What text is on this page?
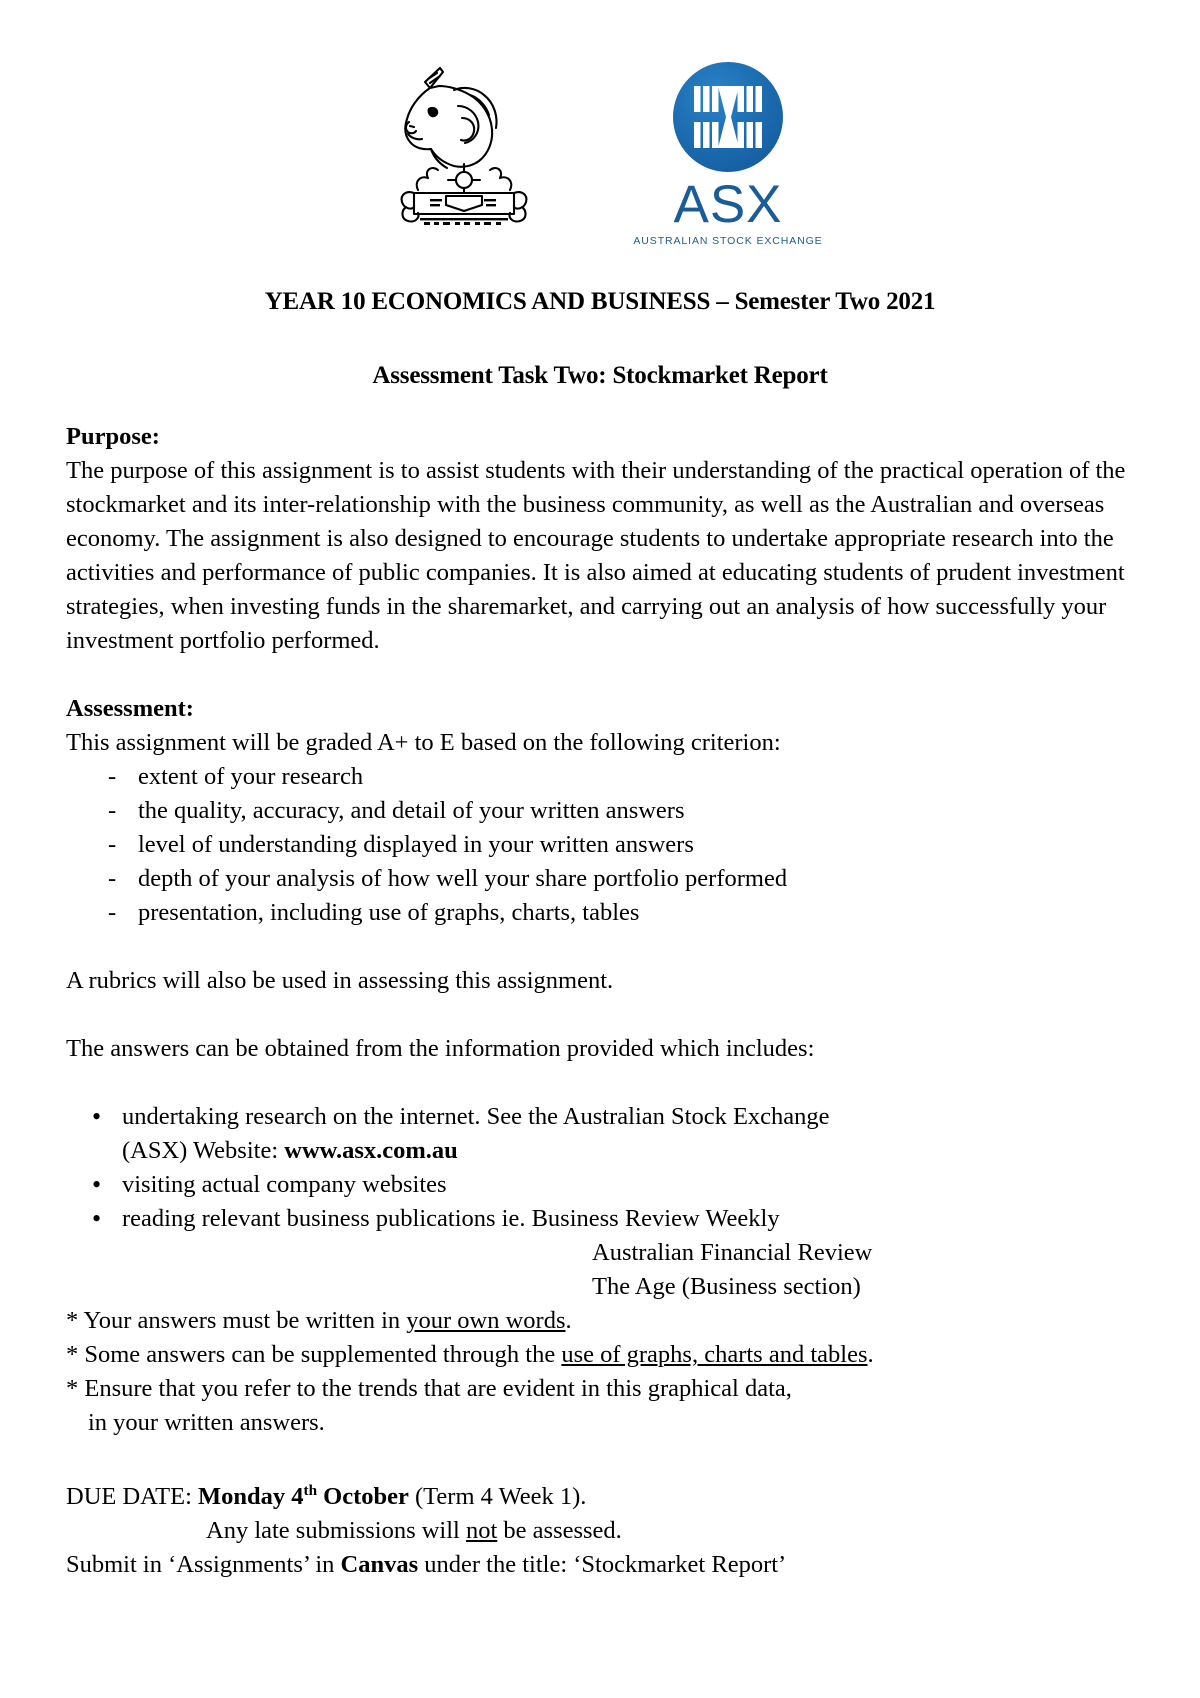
ASX
AUSTRALIAN STOCK EXCHANGE
YEAR 10 ECONOMICS AND BUSINESS – Semester Two 2021
Assessment Task Two: Stockmarket Report
Purpose:

The purpose of this assignment is to assist students with their understanding of the practical operation of the stockmarket and its inter-relationship with the business community, as well as the Australian and overseas economy. The assignment is also designed to encourage students to undertake appropriate research into the activities and performance of public companies. It is also aimed at educating students of prudent investment strategies, when investing funds in the sharemarket, and carrying out an analysis of how successfully your investment portfolio performed.

Assessment:

This assignment will be graded A+ to E based on the following criterion:

- extent of your research
- the quality, accuracy, and detail of your written answers
- level of understanding displayed in your written answers
- depth of your analysis of how well your share portfolio performed
- presentation, including use of graphs, charts, tables

A rubrics will also be used in assessing this assignment.

The answers can be obtained from the information provided which includes:

• undertaking research on the internet. See the Australian Stock Exchange
(ASX) Website: www.asx.com.au
• visiting actual company websites
• reading relevant business publications ie. Business Review Weekly
Australian Financial Review
The Age (Business section)

* Your answers must be written in your own words.

* Some answers can be supplemented through the use of graphs, charts and tables.

* Ensure that you refer to the trends that are evident in this graphical data,

in your written answers.

DUE DATE: Monday 4th October (Term 4 Week 1).

Any late submissions will not be assessed.

Submit in ‘Assignments’ in Canvas under the title: ‘Stockmarket Report’
